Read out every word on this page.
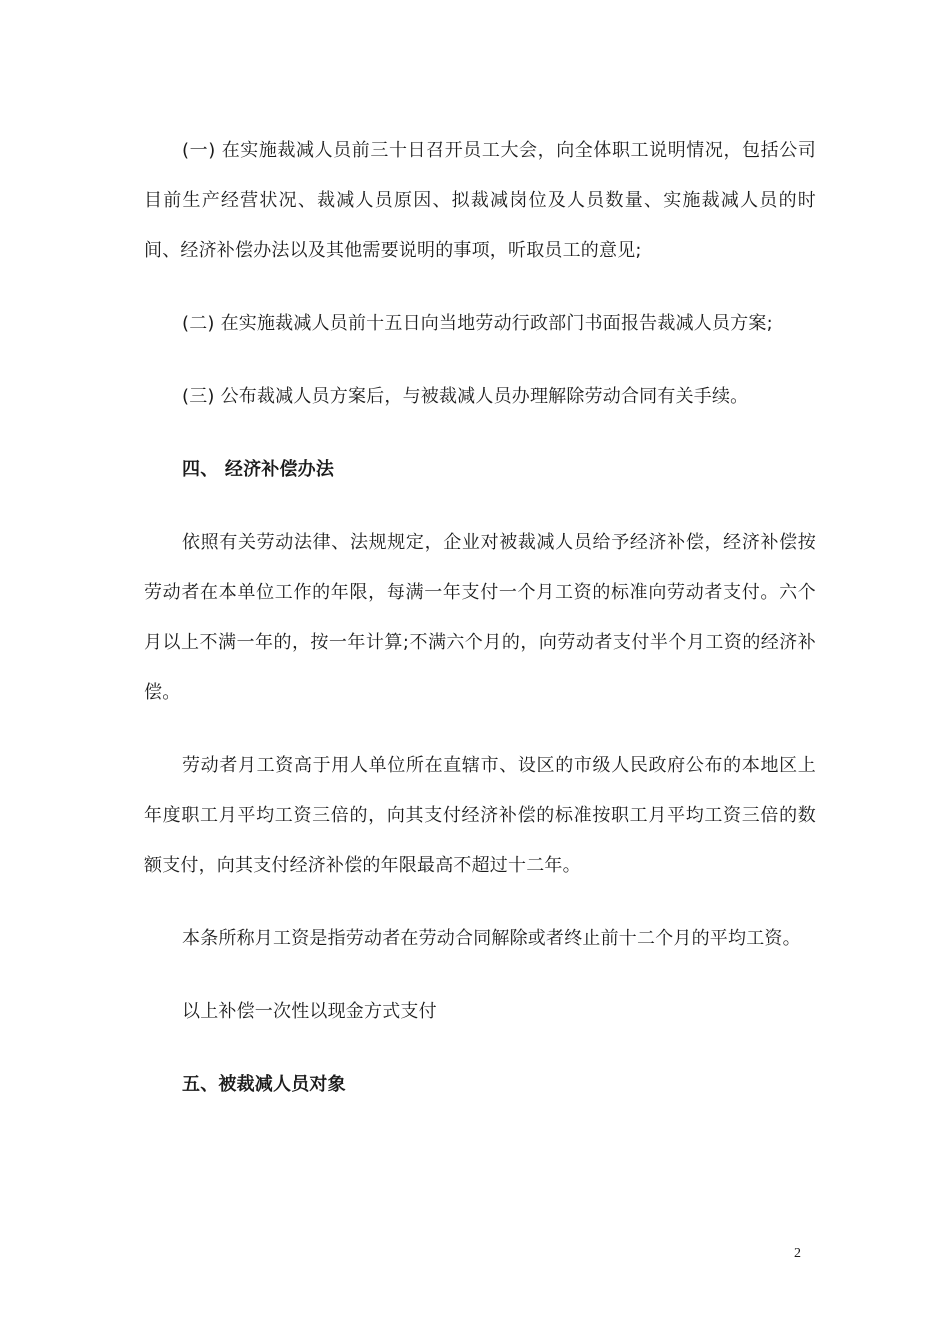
(一) 在实施裁减人员前三十日召开员工大会，向全体职工说明情况，包括公司目前生产经营状况、裁减人员原因、拟裁减岗位及人员数量、实施裁减人员的时间、经济补偿办法以及其他需要说明的事项，听取员工的意见;

(二) 在实施裁减人员前十五日向当地劳动行政部门书面报告裁减人员方案;

(三) 公布裁减人员方案后，与被裁减人员办理解除劳动合同有关手续。

四、 经济补偿办法

依照有关劳动法律、法规规定，企业对被裁减人员给予经济补偿，经济补偿按劳动者在本单位工作的年限，每满一年支付一个月工资的标准向劳动者支付。六个月以上不满一年的，按一年计算;不满六个月的，向劳动者支付半个月工资的经济补偿。

劳动者月工资高于用人单位所在直辖市、设区的市级人民政府公布的本地区上年度职工月平均工资三倍的，向其支付经济补偿的标准按职工月平均工资三倍的数额支付，向其支付经济补偿的年限最高不超过十二年。

本条所称月工资是指劳动者在劳动合同解除或者终止前十二个月的平均工资。

以上补偿一次性以现金方式支付

五、被裁减人员对象

2
